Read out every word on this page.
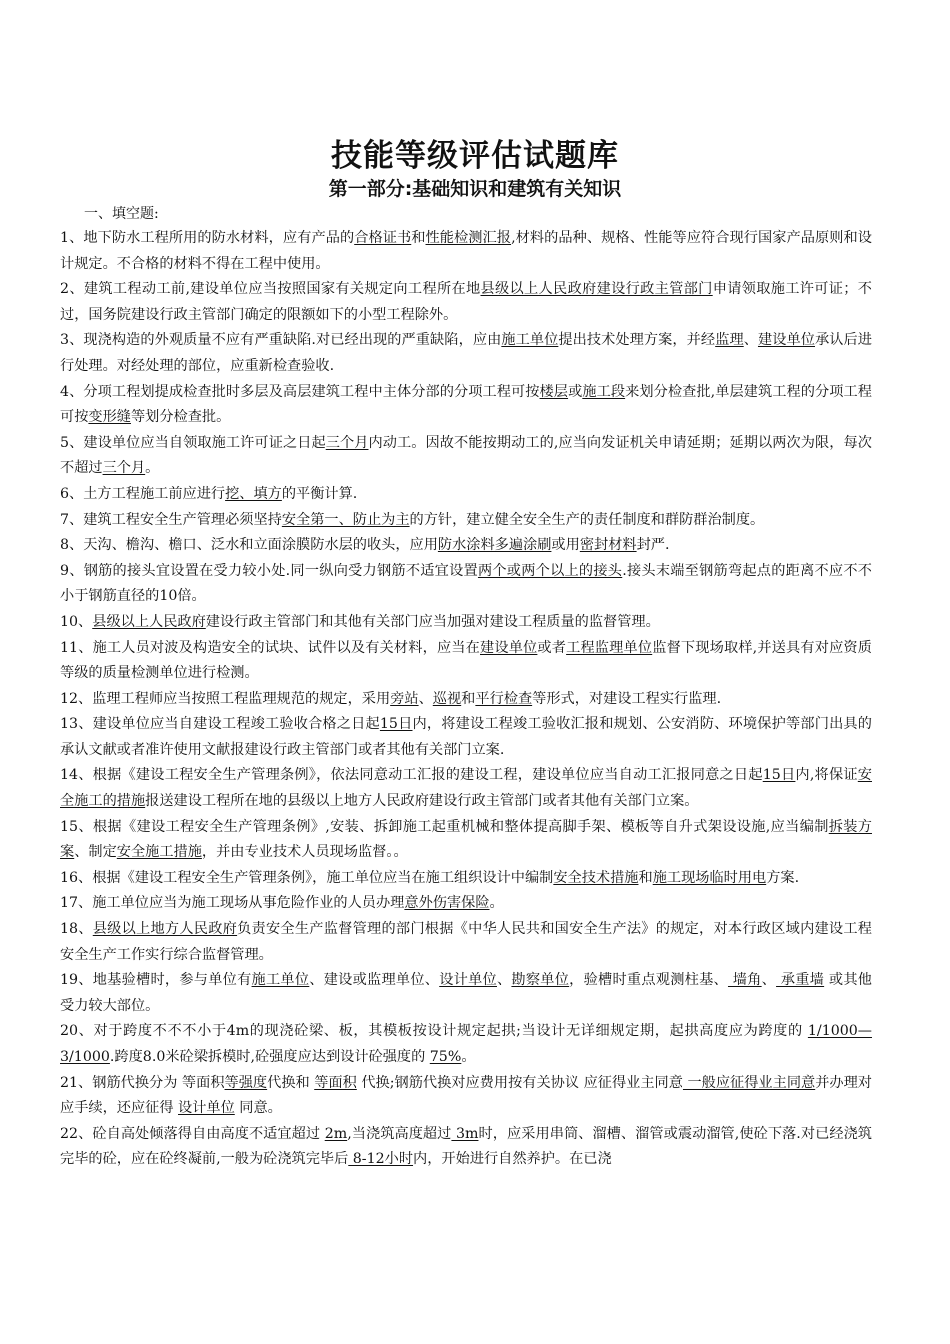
技能等级评估试题库
第一部分:基础知识和建筑有关知识

一、填空题:

1、地下防水工程所用的防水材料，应有产品的合格证书和性能检测汇报,材料的品种、规格、性能等应符合现行国家产品原则和设计规定。不合格的材料不得在工程中使用。

2、建筑工程动工前,建设单位应当按照国家有关规定向工程所在地县级以上人民政府建设行政主管部门申请领取施工许可证；不过，国务院建设行政主管部门确定的限额如下的小型工程除外。

3、现浇构造的外观质量不应有严重缺陷.对已经出现的严重缺陷，应由施工单位提出技术处理方案，并经监理、建设单位承认后进行处理。对经处理的部位，应重新检查验收.

4、分项工程划提成检查批时多层及高层建筑工程中主体分部的分项工程可按楼层或施工段来划分检查批,单层建筑工程的分项工程可按变形缝等划分检查批。

5、建设单位应当自领取施工许可证之日起三个月内动工。因故不能按期动工的,应当向发证机关申请延期；延期以两次为限，每次不超过三个月。

6、土方工程施工前应进行挖、填方的平衡计算.

7、建筑工程安全生产管理必须坚持安全第一、防止为主的方针，建立健全安全生产的责任制度和群防群治制度。

8、天沟、檐沟、檐口、泛水和立面涂膜防水层的收头，应用防水涂料多遍涂刷或用密封材料封严.

9、钢筋的接头宜设置在受力较小处.同一纵向受力钢筋不适宜设置两个或两个以上的接头.接头末端至钢筋弯起点的距离不应不不小于钢筋直径的10倍。

10、县级以上人民政府建设行政主管部门和其他有关部门应当加强对建设工程质量的监督管理。

11、施工人员对波及构造安全的试块、试件以及有关材料，应当在建设单位或者工程监理单位监督下现场取样,并送具有对应资质等级的质量检测单位进行检测。

12、监理工程师应当按照工程监理规范的规定，采用旁站、巡视和平行检查等形式，对建设工程实行监理.

13、建设单位应当自建设工程竣工验收合格之日起15日内，将建设工程竣工验收汇报和规划、公安消防、环境保护等部门出具的承认文献或者准许使用文献报建设行政主管部门或者其他有关部门立案.

14、根据《建设工程安全生产管理条例》，依法同意动工汇报的建设工程，建设单位应当自动工汇报同意之日起15日内,将保证安全施工的措施报送建设工程所在地的县级以上地方人民政府建设行政主管部门或者其他有关部门立案。

15、根据《建设工程安全生产管理条例》,安装、拆卸施工起重机械和整体提高脚手架、模板等自升式架设设施,应当编制拆装方案、制定安全施工措施，并由专业技术人员现场监督。。

16、根据《建设工程安全生产管理条例》，施工单位应当在施工组织设计中编制安全技术措施和施工现场临时用电方案.

17、施工单位应当为施工现场从事危险作业的人员办理意外伤害保险。

18、县级以上地方人民政府负责安全生产监督管理的部门根据《中华人民共和国安全生产法》的规定，对本行政区域内建设工程安全生产工作实行综合监督管理。

19、地基验槽时，参与单位有施工单位、建设或监理单位、设计单位、勘察单位，验槽时重点观测柱基、 墙角、 承重墙 或其他受力较大部位。

20、对于跨度不不不小于4m的现浇砼梁、板，其模板按设计规定起拱;当设计无详细规定期，起拱高度应为跨度的 1/1000—3/1000.跨度8.0米砼梁拆模时,砼强度应达到设计砼强度的 75%。

21、钢筋代换分为 等面积等强度代换和 等面积 代换;钢筋代换对应费用按有关协议 应征得业主同意 一般应征得业主同意并办理对应手续，还应征得 设计单位 同意。

22、砼自高处倾落得自由高度不适宜超过 2m,当浇筑高度超过 3m时，应采用串筒、溜槽、溜管或震动溜管,使砼下落.对已经浇筑完毕的砼，应在砼终凝前,一般为砼浇筑完毕后 8-12小时内，开始进行自然养护。在已浇
